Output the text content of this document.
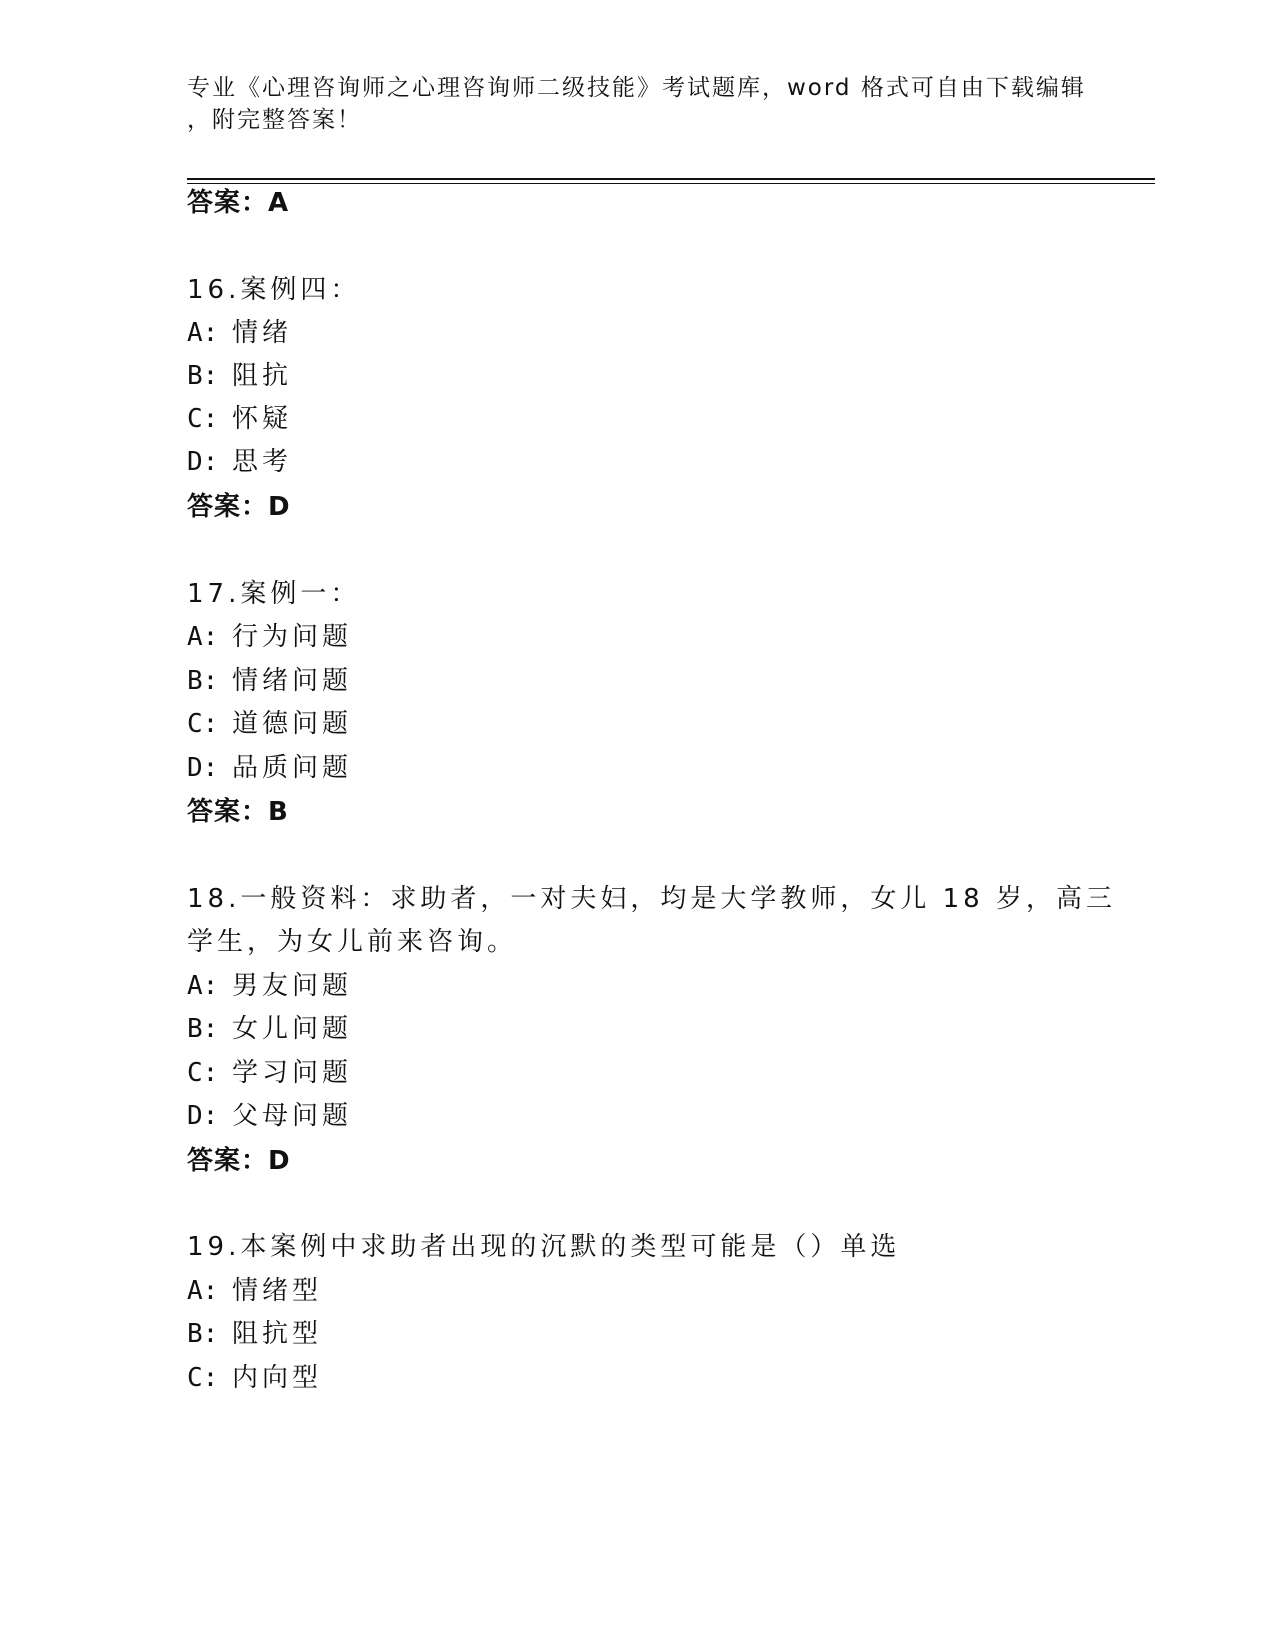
专业《心理咨询师之心理咨询师二级技能》考试题库，word 格式可自由下载编辑
，附完整答案！
答案：A
16.案例四：
A: 情绪
B: 阻抗
C: 怀疑
D: 思考
答案：D
17.案例一：
A: 行为问题
B: 情绪问题
C: 道德问题
D: 品质问题
答案：B
18.一般资料：求助者，一对夫妇，均是大学教师，女儿 18 岁，高三
学生，为女儿前来咨询。
A: 男友问题
B: 女儿问题
C: 学习问题
D: 父母问题
答案：D
19.本案例中求助者出现的沉默的类型可能是（）单选
A: 情绪型
B: 阻抗型
C: 内向型
